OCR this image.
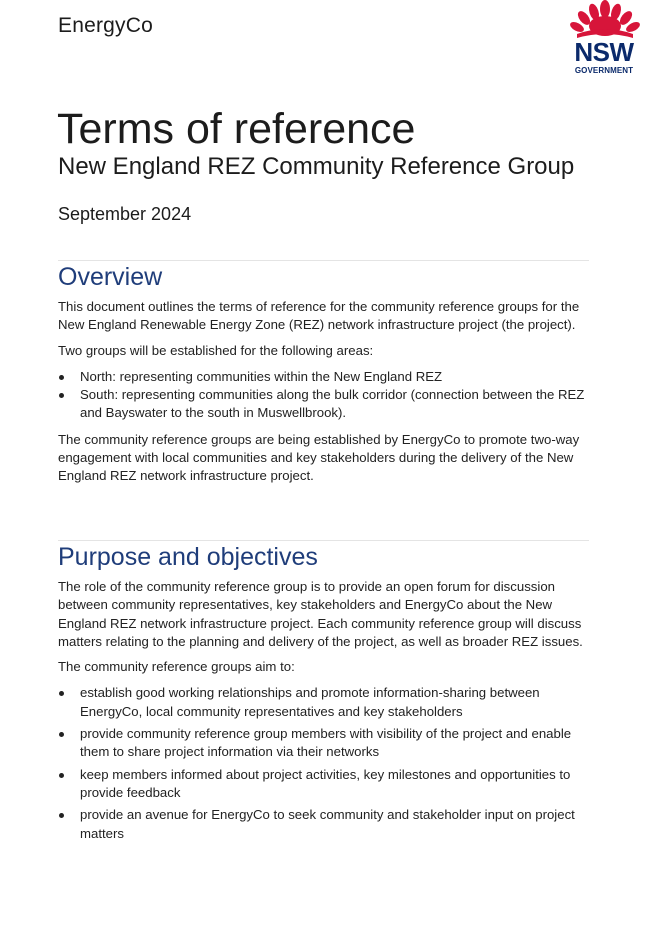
EnergyCo
NSW
GOVERNMENT
Terms of reference
New England REZ Community Reference Group
September 2024
Overview

This document outlines the terms of reference for the community reference groups for the New England Renewable Energy Zone (REZ) network infrastructure project (the project).

Two groups will be established for the following areas:

North: representing communities within the New England REZ
South: representing communities along the bulk corridor (connection between the REZ and Bayswater to the south in Muswellbrook).

The community reference groups are being established by EnergyCo to promote two-way engagement with local communities and key stakeholders during the delivery of the New England REZ network infrastructure project.

Purpose and objectives

The role of the community reference group is to provide an open forum for discussion between community representatives, key stakeholders and EnergyCo about the New England REZ network infrastructure project. Each community reference group will discuss matters relating to the planning and delivery of the project, as well as broader REZ issues.

The community reference groups aim to:

establish good working relationships and promote information-sharing between EnergyCo, local community representatives and key stakeholders
provide community reference group members with visibility of the project and enable them to share project information via their networks
keep members informed about project activities, key milestones and opportunities to provide feedback
provide an avenue for EnergyCo to seek community and stakeholder input on project matters
